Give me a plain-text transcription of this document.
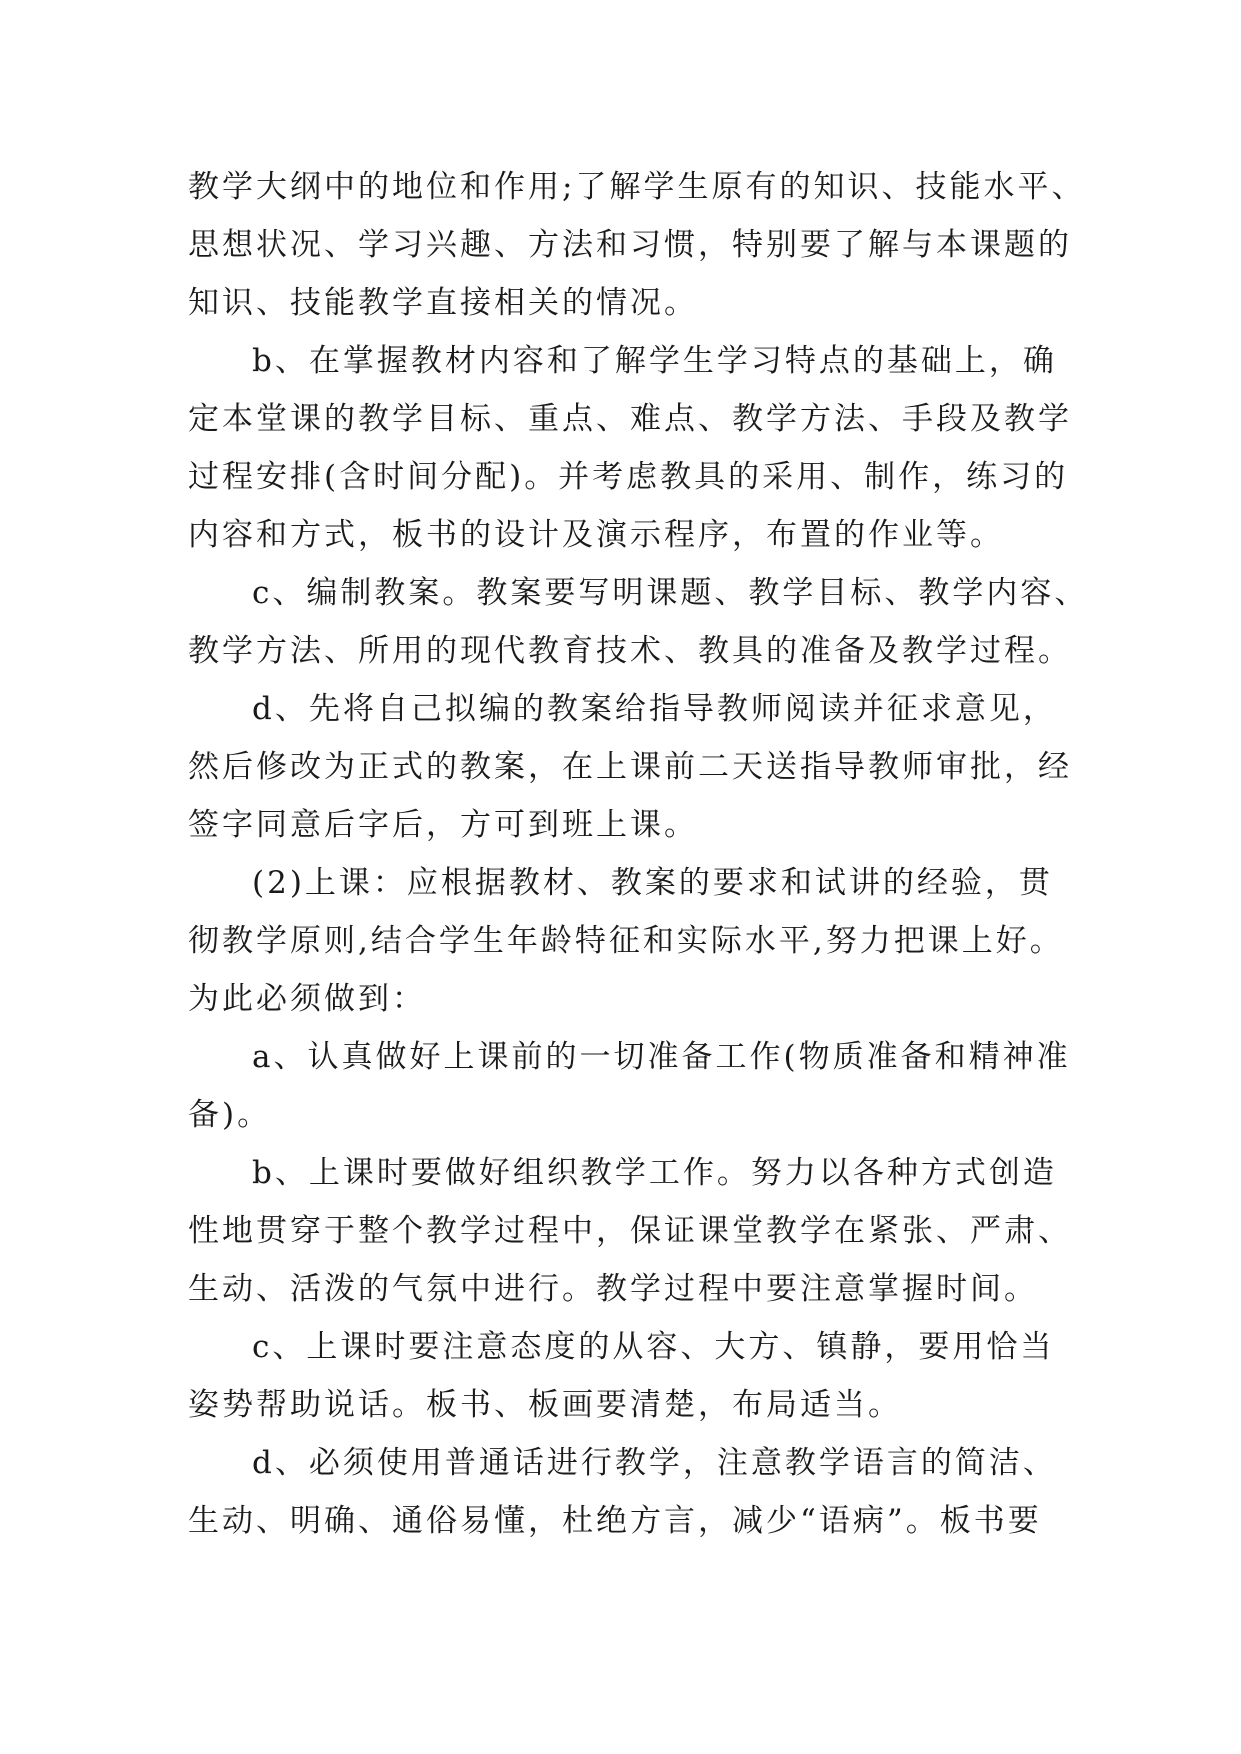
教学大纲中的地位和作用;了解学生原有的知识、技能水平、
思想状况、学习兴趣、方法和习惯，特别要了解与本课题的
知识、技能教学直接相关的情况。
b、在掌握教材内容和了解学生学习特点的基础上，确
定本堂课的教学目标、重点、难点、教学方法、手段及教学
过程安排(含时间分配)。并考虑教具的采用、制作，练习的
内容和方式，板书的设计及演示程序，布置的作业等。
c、编制教案。教案要写明课题、教学目标、教学内容、
教学方法、所用的现代教育技术、教具的准备及教学过程。
d、先将自己拟编的教案给指导教师阅读并征求意见，
然后修改为正式的教案，在上课前二天送指导教师审批，经
签字同意后字后，方可到班上课。
(2)上课：应根据教材、教案的要求和试讲的经验，贯
彻教学原则,结合学生年龄特征和实际水平,努力把课上好。
为此必须做到：
a、认真做好上课前的一切准备工作(物质准备和精神准
备)。
b、上课时要做好组织教学工作。努力以各种方式创造
性地贯穿于整个教学过程中，保证课堂教学在紧张、严肃、
生动、活泼的气氛中进行。教学过程中要注意掌握时间。
c、上课时要注意态度的从容、大方、镇静，要用恰当
姿势帮助说话。板书、板画要清楚，布局适当。
d、必须使用普通话进行教学，注意教学语言的简洁、
生动、明确、通俗易懂，杜绝方言，减少“语病”。板书要
